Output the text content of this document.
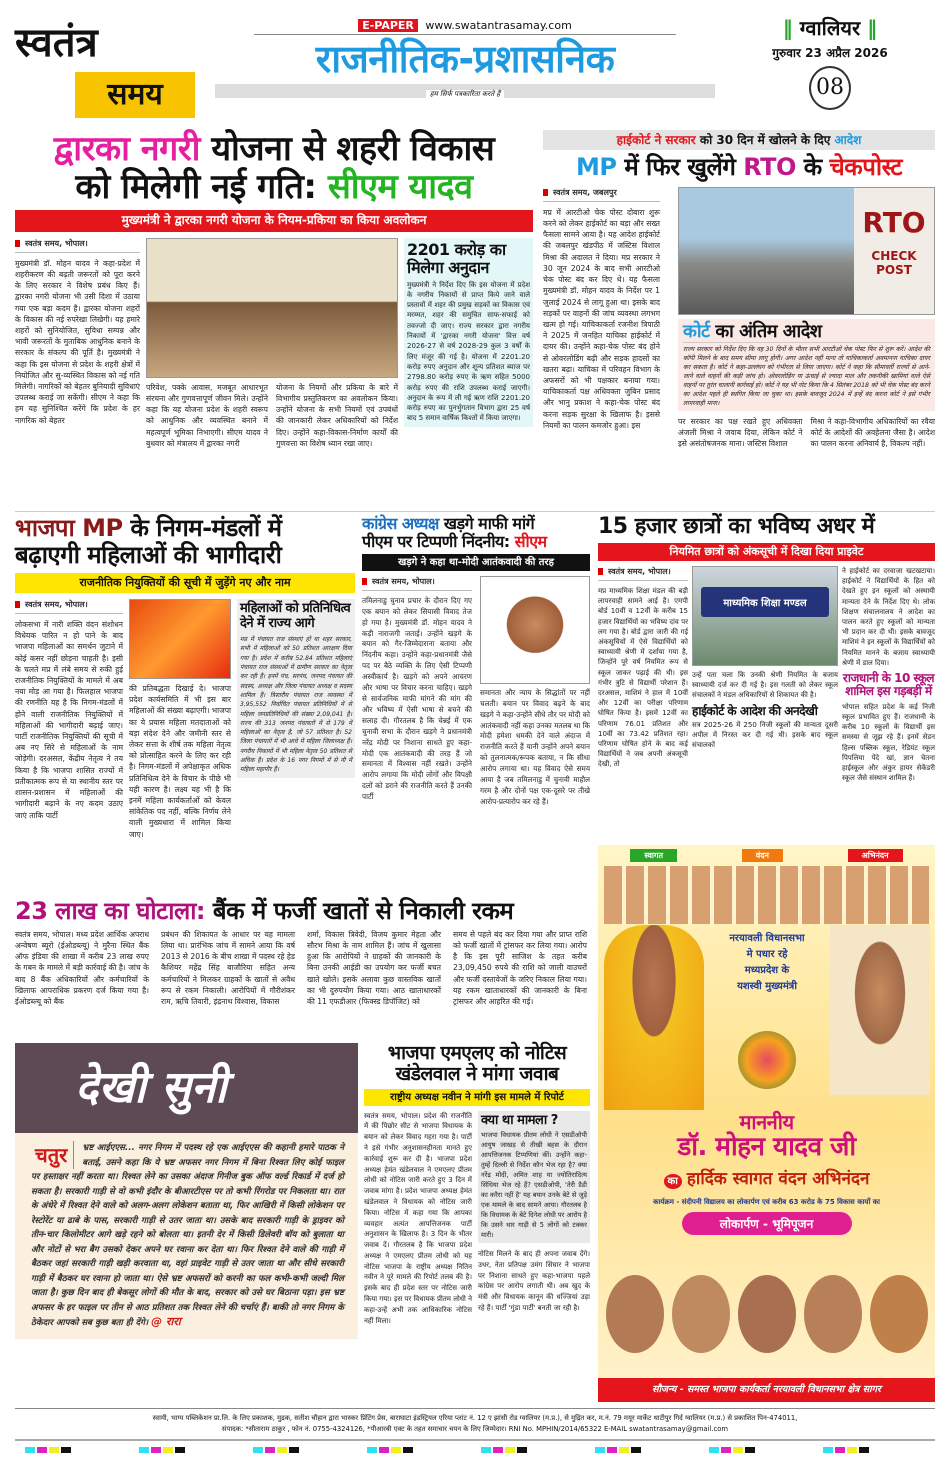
स्वतंत्र
समय
E-PAPER www.swatantrasamay.com
राजनीतिक-प्रशासनिक
हम सिर्फ पत्रकारिता करते हैं
‖ ग्वालियर ‖
गुरुवार 23 अप्रैल 2026
08
द्वारका नगरी योजना से शहरी विकास
को मिलेगी नई गति: सीएम यादव
मुख्यमंत्री ने द्वारका नगरी योजना के नियम-प्रकिया का किया अवलोकन
स्वतंत्र समय, भोपाल।
मुख्यमंत्री डॉ. मोहन यादव ने कहा-प्रदेश में शहरीकरण की बढ़ती जरूरतों को पूरा करने के लिए सरकार ने विशेष प्रबंध किए हैं। द्वारका नगरी योजना भी उसी दिशा में उठाया गया एक बड़ा कदम है। द्वारका योजना शहरों के विकास की नई रुपरेखा लिखेगी। यह हमारे शहरों को सुनियोजित, सुविधा सम्पन्न और भावी जरूरतों के मुताबिक आधुनिक बनाने के सरकार के संकल्प की पूर्ति है। मुख्यमंत्री ने कहा कि इस योजना से प्रदेश के शहरी क्षेत्रों में नियोजित और सु-व्यस्थित विकास को नई गति मिलेगी। नागरिकों को बेहतर बुनियादी सुविधाएं उपलब्ध कराई जा सकेंगी। सीएम ने कहा कि हम यह सुनिश्चित करेंगे कि प्रदेश के हर नागरिक को बेहतर
परिवेश, पक्के आवास, मजबूत आधारभूत संरचना और गुणवत्तापूर्ण जीवन मिले। उन्होंने कहा कि यह योजना प्रदेश के शहरी स्वरूप को आधुनिक और व्यवस्थित बनाने में महत्वपूर्ण भूमिका निभाएगी। सीएम यादव ने बुधवार को मंत्रालय में द्वारका नगरी
योजना के नियमों और प्रकिया के बारे में विभागीय प्रस्तुतिकरण का अवलोकन किया। उन्होंने योजना के सभी नियमों एवं उपबंधों की जानकारी लेकर अधिकारियों को निर्देश दिए। उन्होंने कहा-विकास-निर्माण कार्यों की गुणवत्ता का विशेष ध्यान रखा जाए।
2201 करोड़ का मिलेगा अनुदान
मुख्यमंत्री ने निर्देश दिए कि इस योजना में प्रदेश के नगरीय निकायों से प्राप्त किये जाने वाले प्रस्तावों में शहर की प्रमुख सड़कों का विकास एवं मरम्मत, शहर की समुचित साफ-सफाई को तवज्जो दी जाए। राज्य सरकार द्वारा नगरीय निकायों में 'द्वारका नगरी योजना' वित्त वर्ष 2026-27 से वर्ष 2028-29 कुल 3 वर्षों के लिए मंजूर की गई है। योजना में 2201.20 करोड़ रुपए अनुदान और शून्य प्रतिशत ब्याज पर 2798.80 करोड़ रुपए के ऋण सहित 5000 करोड़ रुपए की राशि उपलब्ध कराई जाएगी। अनुदान के रूप में ली गई ऋण राशि 2201.20 करोड़ रुपए का पुनर्भुगतान विभाग द्वारा 25 वर्ष बाद 5 समान वार्षिक किश्तों में किया जाएगा।
हाईकोर्ट ने सरकार को 30 दिन में खोलने के दिए आदेश
MP में फिर खुलेंगे RTO के चेकपोस्ट
स्वतंत्र समय, जबलपुर
मप्र में आरटीओ चेक पोस्ट दोबारा शुरू करने को लेकर हाईकोर्ट का बड़ा और सख्त फैसला सामने आया है। यह आदेश हाईकोर्ट की जबलपुर खंडपीठ में जस्टिस विशाल मिश्रा की अदालत ने दिया। मप्र सरकार ने 30 जून 2024 के बाद सभी आरटीओ चेक पोस्ट बंद कर दिए थे। यह फैसला मुख्यमंत्री डॉ. मोहन यादव के निर्देश पर 1 जुलाई 2024 से लागू हुआ था। इसके बाद सड़कों पर वाहनों की जांच व्यवस्था लगभग खत्म हो गई। याचिकाकर्ता रजनीश त्रिपाठी ने 2025 में जनहित याचिका हाईकोर्ट में दायर की। उन्होंने कहा-चेक पोस्ट बंद होने से ओवरलोडिंग बढ़ी और सड़क हादसों का खतरा बढ़ा। याचिका में परिवहन विभाग के अफसरों को भी पक्षकार बनाया गया। याचिकाकर्ता पक्ष अधिवक्ता जुबिन प्रसाद और भानु प्रकाश ने कहा-चेक पोस्ट बंद करना सड़क सुरक्षा के खिलाफ है। इससे नियमों का पालन कमजोर हुआ। इस
RTO
CHECK POST
कोर्ट का अंतिम आदेश
राज्य सरकार को निर्देश दिए कि वह 30 दिनों के भीतर सभी आरटीओ चेक पोस्ट फिर से शुरू करें। आदेश की कॉपी मिलने के बाद समय सीमा लागू होगी। अगर आदेश नहीं माना तो याचिकाकर्ता अवमानना याचिका दायर कर सकता है। कोर्ट ने कहा-उल्लंघन को गंभीरता से लिया जाएगा। कोर्ट ने कहा कि सीमावर्ती राज्यों से आने-जाने वाले वाहनों की कड़ी जांच हो। ओवरलोडिंग या ऊंचाई से ज्यादा माल और तकनीकी खामियां वाले ऐसे वाहनों पर तुरंत चालानी कार्रवाई हो। कोर्ट ने यह भी नोट किया कि 4 सितंबर 2018 को भी चेक पोस्ट बंद करने का आदेश पहले ही स्थगित किया जा चुका था। इसके बावजूद 2024 में इन्हें बंद करना कोर्ट ने इसे गंभीर लापरवाही माना।
पर सरकार का पक्ष रखते हुए अधिवक्ता अंजली मिश्रा ने जवाब दिया, लेकिन कोर्ट ने इसे असंतोषजनक माना। जस्टिस विशाल
मिश्रा ने कहा-विभागीय अधिकारियों का रवैया कोर्ट के आदेशों की अवहेलना जैसा है। आदेश का पालन करना अनिवार्य है, विकल्प नहीं।
भाजपा MP के निगम-मंडलों में
बढ़ाएगी महिलाओं की भागीदारी
राजनीतिक नियुक्तियों की सूची में जुड़ेंगे नए और नाम
स्वतंत्र समय, भोपाल।
लोकसभा में नारी शक्ति वंदन संशोधन विधेयक पारित न हो पाने के बाद भाजपा महिलाओं का समर्थन जुटाने में कोई कसर नहीं छोड़ना चाहती है। इसी के चलते मप्र में लंबे समय से रुकी हुई राजनीतिक नियुक्तियों के मामले में अब नया मोड़ आ गया है। फिलहाल भाजपा की रणनीति यह है कि निगम-मंडलों में होने वाली राजनीतिक नियुक्तियों में महिलाओं की भागीदारी बढ़ाई जाए। पार्टी राजनीतिक नियुक्तियों की सूची में अब नए सिरे से महिलाओं के नाम जोड़ेगी। दरअसल, केंद्रीय नेतृत्व ने तय किया है कि भाजपा शासित राज्यों में प्रतीकात्मक रूप से या स्थानीय स्तर पर शासन-प्रशासन में महिलाओं की भागीदारी बढ़ाने के नए कदम उठाए जाएं ताकि पार्टी
की प्रतिबद्धता दिखाई दे। भाजपा प्रदेश कार्यसमिति में भी इस बार महिलाओं की संख्या बढ़ाएगी। भाजपा का ये प्रयास महिला मतदाताओं को बड़ा संदेश देने और जमीनी स्तर से लेकर सत्ता के शीर्ष तक महिला नेतृत्व को प्रोत्साहित करने के लिए कर रही है। निगम-मंडलों में अपेक्षाकृत अधिक प्रतिनिधित्व देने के विचार के पीछे भी यही कारण है। लक्ष्य यह भी है कि इनमें महिला कार्यकर्ताओं को केवल सांकेतिक पद नहीं, बल्कि निर्णय लेने वाली मुख्यधारा में शामिल किया जाए।
महिलाओं को प्रतिनिधित्व देने में राज्य आगे
मप्र में पंचायत राज संस्थाएं हों या शहर सरकार, सभी में महिलाओं को 50 प्रतिशत आरक्षण दिया गया है। प्रदेश में करीब 52.84 प्रतिशत महिलाएं पंचायत राज संस्थाओं में ग्रामीण सरकार का नेतृत्व कर रही हैं। इनमें पंच, सरपंच, जनपद पंचायत की सदस्य, अध्यक्ष और जिला पंचायत अध्यक्ष व सदस्य शामिल हैं। त्रिस्तरीय पंचायत राज व्यवस्था में 3,95,552 निर्वाचित पंचायत प्रतिनिधियों में से महिला जनप्रतिनिधियों की संख्या 2,09,041 है। राज्य की 313 जनपद पंचायतों में से 179 में महिलाओं का नेतृत्व है, जो 57 प्रतिशत है। 52 जिला पंचायतों में भी आधे में महिला जिलाध्यक्ष हैं। नगरीय निकायों में भी महिला नेतृत्व 50 प्रतिशत से अधिक है। प्रदेश के 16 नगर निगमों में से नौ में महिला महापौर हैं।
कांग्रेस अध्यक्ष खड़गे माफी मांगें
पीएम पर टिप्पणी निंदनीय: सीएम
खड़गे ने कहा था-मोदी आतंकवादी की तरह
स्वतंत्र समय, भोपाल।
तमिलनाडु चुनाव प्रचार के दौरान दिए गए एक बयान को लेकर सियासी विवाद तेज हो गया है। मुख्यमंत्री डॉ. मोहन यादव ने कड़ी नाराजगी जताई। उन्होंने खड़गे के बयान को गैर-जिम्मेदाराना बताया और निंदनीय कहा। उन्होंने कहा-प्रधानमंत्री जैसे पद पर बैठे व्यक्ति के लिए ऐसी टिप्पणी अस्वीकार्य है। खड़गे को अपने आचरण और भाषा पर विचार करना चाहिए। खड़गे से सार्वजनिक माफी मांगने की मांग की और भविष्य में ऐसी भाषा से बचने की सलाह दी। गौरतलब है कि चेन्नई में एक चुनावी सभा के दौरान खड़गे ने प्रधानमंत्री नरेंद्र मोदी पर निशाना साधते हुए कहा-मोदी एक आतंकवादी की तरह हैं जो समानता में विश्वास नहीं रखते। उन्होंने आरोप लगाया कि मोदी लोगों और विपक्षी दलों को डराने की राजनीति करते हैं उनकी पार्टी
समानता और न्याय के सिद्धांतों पर नहीं चलती। बयान पर विवाद बढ़ने के बाद खड़गे ने कहा-उन्होंने सीधे तौर पर मोदी को आतंकवादी नहीं कहा उनका मतलब था कि मोदी हमेशा धमकी देने वाले अंदाज में राजनीति करते हैं यानी उन्होंने अपने बयान को तुलनात्मक/रूपक बताया, न कि सीधा आरोप लगाया था। यह विवाद ऐसे समय आया है जब तमिलनाडु में चुनावी माहौल गरम है और दोनों पक्ष एक-दूसरे पर तीखे आरोप-प्रत्यारोप कर रहे हैं।
15 हजार छात्रों का भविष्य अधर में
नियमित छात्रों को अंकसूची में दिखा दिया प्राइवेट
स्वतंत्र समय, भोपाल।
मप्र माध्यमिक शिक्षा मंडल की बड़ी लापरवाही सामने आई है। एमपी बोर्ड 10वीं व 12वीं के करीब 15 हजार विद्यार्थियों का भविष्य दांव पर लग गया है। बोर्ड द्वारा जारी की गई अंकसूचियों में ऐसे विद्यार्थियों को स्वाध्यायी श्रेणी में दर्शाया गया है, जिन्होंने पूरे वर्ष नियमित रूप से स्कूल जाकर पढ़ाई की थी। इस गंभीर त्रुटि से विद्यार्थी परेशान हैं। दरअसल, माशिमं ने हाल में 10वीं और 12वीं का परीक्षा परिणाम घोषित किया है। इसमें 12वीं का परिणाम 76.01 प्रतिशत और 10वीं का 73.42 प्रतिशत रहा। परिणाम घोषित होने के बाद कई विद्यार्थियों ने जब अपनी अंकसूची देखी, तो
माध्यमिक शिक्षा मण्डल
उन्हें पता चला कि उनकी श्रेणी नियमित के बजाय स्वाध्यायी दर्ज कर दी गई है। इस गलती को लेकर स्कूल संचालकों ने मंडल अधिकारियों से शिकायत की है।
हाईकोर्ट के आदेश की अनदेखी
सत्र 2025-26 में 250 निजी स्कूलों की मान्यता दूसरी अपील में निरस्त कर दी गई थी। इसके बाद स्कूल संचालकों
ने हाईकोर्ट का दरवाजा खटखटाया। हाईकोर्ट ने विद्यार्थियों के हित को देखते हुए इन स्कूलों को अस्थायी मान्यता देने के निर्देश दिए थे। लोक शिक्षण संचालनालय ने आदेश का पालन करते हुए स्कूलों को मान्यता भी प्रदान कर दी थी। इसके बावजूद माशिमं ने इन स्कूलों के विद्यार्थियों को नियमित मानने के बजाय स्वाध्यायी श्रेणी में डाल दिया।
राजधानी के 10 स्कूल शामिल इस गड़बड़ी में
भोपाल सहित प्रदेश के कई निजी स्कूल प्रभावित हुए हैं। राजधानी के करीब 10 स्कूलों के विद्यार्थी इस समस्या से जूझ रहे हैं। इनमें सेडन हिल्स पब्लिक स्कूल, रेडियंट स्कूल पिपलिया पेंदे खां, ज्ञान चेतना हाईस्कूल और अंकुर हायर सेकेंडरी स्कूल जैसे संस्थान शामिल हैं।
23 लाख का घोटाला: बैंक में फर्जी खातों से निकाली रकम
स्वतंत्र समय, भोपाल। मध्य प्रदेश आर्थिक अपराध अन्वेषण ब्यूरो (ईओडब्ल्यू) ने मुरैना स्थित बैंक ऑफ इंडिया की शाखा में करीब 23 लाख रुपए के गबन के मामले में बड़ी कार्रवाई की है। जांच के बाद 8 बैंक अधिकारियों और कर्मचारियों के खिलाफ आपराधिक प्रकरण दर्ज किया गया है। ईओडब्ल्यू को बैंक
प्रबंधन की शिकायत के आधार पर यह मामला लिया था। प्रारंभिक जांच में सामने आया कि वर्ष 2013 से 2016 के बीच शाखा में पदस्थ रहे हेड कैशियर महेंद्र सिंह बाजौरिया सहित अन्य कर्मचारियों ने मिलकर ग्राहकों के खातों से अवैध रूप से रकम निकाली। आरोपियों में गौरीशंकर राम, ऋचि तिवारी, इंद्रनाथ विश्वास, विकास
शर्मा, विकास त्रिवेदी, विजय कुमार मेहता और सौरभ मिश्रा के नाम शामिल हैं। जांच में खुलासा हुआ कि आरोपियों ने ग्राहकों की जानकारी के बिना उनकी आईडी का उपयोग कर फर्जी बचत खाते खोले। इसके अलावा कुछ वास्तविक खातों का भी दुरुपयोग किया गया। आठ खाताधारकों की 11 एफडीआर (फिक्स्ड डिपॉजिट) को
समय से पहले बंद कर दिया गया और प्राप्त राशि को फर्जी खातों में ट्रांसफर कर लिया गया। आरोप है कि इस पूरी साजिश के तहत करीब 23,09,450 रुपये की राशि को जाली वाउचरों और फर्जी दस्तावेजों के जरिए निकाल लिया गया। यह रकम खाताधारकों की जानकारी के बिना ट्रांसफर और आहरित की गई।
देखी सुनी
चतुर	भ्रष्ट आईएएस... नगर निगम में पदस्थ रहे एक आईएएस की कहानी हमारे पाठक ने बताई, उसने कहा कि ये भ्रष्ट अफसर नगर निगम में बिना रिश्वत लिए कोई फाइल पर हस्ताक्षर नहीं करता था। रिश्वत लेने का उसका अंदाज गिनीज बुक ऑफ वर्ल्ड रिकार्ड में दर्ज हो सकता है। सरकारी गाड़ी से वो कभी इंदौर के बीआरटीएस पर तो कभी रिंगरोड पर निकलता था। रात के अंधेरे में रिश्वत देने वाले को अलग-अलग लोकेशन बताता था, फिर आखिरी में किसी लोकेशन पर रेस्टोरेंट या ढाबे के पास, सरकारी गाड़ी से उतर जाता था। उसके बाद सरकारी गाड़ी के ड्राइवर को तीन-चार किलोमीटर आगे खड़े रहने को बोलता था। इतनी देर में किसी डिलेवरी बॉय को बुलाता था और नोटों से भरा बैग उसको देकर अपने घर रवाना कर देता था। फिर रिश्वत देने वाले की गाड़ी में बैठकर जहां सरकारी गाड़ी खड़ी करवाता था, वहां प्राइवेट गाड़ी से उतर जाता था और सीधे सरकारी गाड़ी में बैठकर घर रवाना हो जाता था। ऐसे भ्रष्ट अफसरों को करनी का फल कभी-कभी जल्दी मिल जाता है। कुछ दिन बाद ही बेकसूर लोगों की मौत के बाद, सरकार को उसे घर बिठाना पड़ा। इस भ्रष्ट अफसर के हर फाइल पर तीन से आठ प्रतिशत तक रिश्वत लेने की चर्चाएं हैं। बाकी तो नगर निगम के ठेकेदार आपको सब कुछ बता ही देंगे। @ रारा
भाजपा एमएलए को नोटिस
खंडेलवाल ने मांगा जवाब
राष्ट्रीय अध्यक्ष नवीन ने मांगी इस मामले में रिपोर्ट
स्वतंत्र समय, भोपाल। प्रदेश की राजनीति में की पिछोर सीट से भाजपा विधायक के बयान को लेकर विवाद गहरा गया है। पार्टी ने इसे गंभीर अनुशासनहीनता मानते हुए कार्रवाई शुरू कर दी है। भाजपा प्रदेश अध्यक्ष हेमंत खंडेलवाल ने एमएलए प्रीतम लोधी को नोटिस जारी करते हुए 3 दिन में जवाब मांगा है। प्रदेश भाजपा अध्यक्ष हेमंत खंडेलवाल ने विधायक को नोटिस जारी किया। नोटिस में कहा गया कि आपका व्यवहार अत्यंत आपत्तिजनक पार्टी अनुशासन के खिलाफ है। 3 दिन के भीतर जवाब दें। गौरतलब है कि भाजपा प्रदेश अध्यक्ष ने एमएलए प्रीतम लोधी को यह नोटिस भाजपा के राष्ट्रीय अध्यक्ष नितिन नवीन ने पूरे मामले की रिपोर्ट तलब की है। इसके बाद ही प्रदेश स्तर पर नोटिस जारी किया गया। इस पर विधायक प्रीतम लोधी ने कहा-उन्हें अभी तक आधिकारिक नोटिस नहीं मिला।
क्या था मामला ?
भाजपा विधायक प्रीतम लोधी ने एसडीओपी आयुष जाखड़ से तीखी बहस के दौरान आपत्तिजनक टिप्पणियां कीं। उन्होंने कहा-तुम्हें दिल्ली से निर्देश कौन भेज रहा है? क्या नरेंद्र मोदी, अमित शाह या ज्योतिरादित्य सिंधिया भेज रहे हैं? एसडीओपी, 'तेरी डैडी का करैरा नहीं है' यह बयान उनके बेटे से जुड़े एक मामले के बाद सामने आया। गौरतलब है कि विधायक के बेटे दिनेश लोधी पर आरोप है कि उसने थार गाड़ी से 5 लोगों को टक्कर मारी।
नोटिस मिलने के बाद ही अपना जवाब देंगे। उधर, नेता प्रतिपक्ष उमंग सिंघार ने भाजपा पर निशाना साधते हुए कहा-भाजपा पहले कांग्रेस पर आरोप लगाती थी। अब खुद के मंत्री और विधायक कानून की धज्जियां उड़ा रहे हैं। पार्टी 'गुंडा पार्टी' बनती जा रही है।
स्वागत	वंदन	अभिनंदन
नरयावली विधानसभा
मे पधार रहे
मध्यप्रदेश के
यशस्वी मुख्यमंत्री
माननीय
डॉ. मोहन यादव जी
का हार्दिक स्वागत वंदन अभिनंदन
कार्यक्रम - संदीपनी विद्यालय का लोकार्पण एवं करीब 63 करोड के 75 विकास कार्यो का
लोकार्पण - भूमिपूजन
सौजन्य - समस्त भाजपा कार्यकर्ता नरयावली विधानसभा क्षेत्र सागर
स्वामी, भाग्य पब्लिकेशन प्रा.लि. के लिए प्रकाशक, मुद्रक, सतीश चौहान द्वारा भास्कर प्रिंटिंग प्रेस, बाराघाटा इंडस्ट्रियल एरिया प्लांट नं. 12 ए झांसी रोड ग्वालियर (म.प्र.), से मुद्रित कर, म.नं. 79 मयूर मार्केट थाटीपुर गिर्द ग्वालियर (म.प्र.) से प्रकाशित पिन-474011,
संपादक: *सीताराम ठाकुर , फोन नं. 0755-4324126, *पीआरबी एक्ट के तहत समाचार चयन के लिए जिम्मेदार। RNI No. MPHIN/2014/65322 E-MAIL swatantrasamay@gmail.com
